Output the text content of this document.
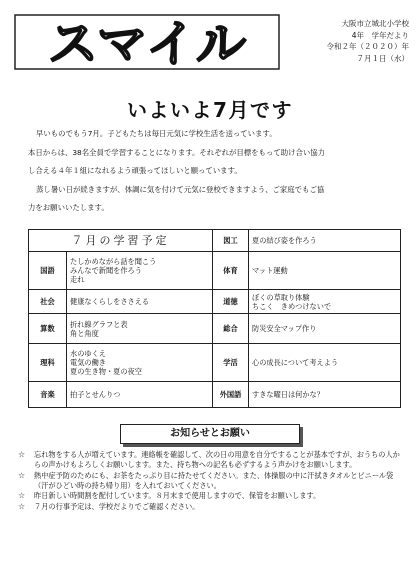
スマイル	大阪市立城北小学校
4年　学年だより
令和２年（２０２０）年
７月１日（水）
いよいよ7月です

早いものでもう7月。子どもたちは毎日元気に学校生活を送っています。

本日からは、38名全員で学習することになります。それぞれが目標をもって助け合い協力

し合える４年１組になれるよう頑張ってほしいと願っています。

蒸し暑い日が続きますが、体調に気を付けて元気に登校できますよう、ご家庭でもご協

力をお願いいたします。

７月の学習予定		図工	夏の結び姿を作ろう

国語	たしかめながら話を聞こう
みんなで新聞を作ろう
走れ	体育	マット運動

社会	健康なくらしをささえる	道徳	ぼくの草取り体験
ちこく　きめつけないで

算数	折れ線グラフと表
角と角度	総合	防災安全マップ作り

理科	水のゆくえ
電気の働き
夏の生き物・夏の夜空	学活	心の成長について考えよう

音楽	拍子とせんりつ	外国語	すきな曜日は何かな？
お知らせとお願い
☆	忘れ物をする人が増えています。連絡帳を確認して、次の日の用意を自分ですることが基本ですが、おうちの人からの声かけもよろしくお願いします。また、持ち物への記名も必ずするよう声かけをお願いします。
☆	熱中症予防のためにも、お茶をたっぷり目に持たせてください。また、体操服の中に汗拭きタオルとビニール袋（汗がひどい時の持ち帰り用）を入れておいてください。
☆	昨日新しい時間割を配付しています。８月末まで使用しますので、保管をお願いします。
☆	７月の行事予定は、学校だよりでご確認ください。
